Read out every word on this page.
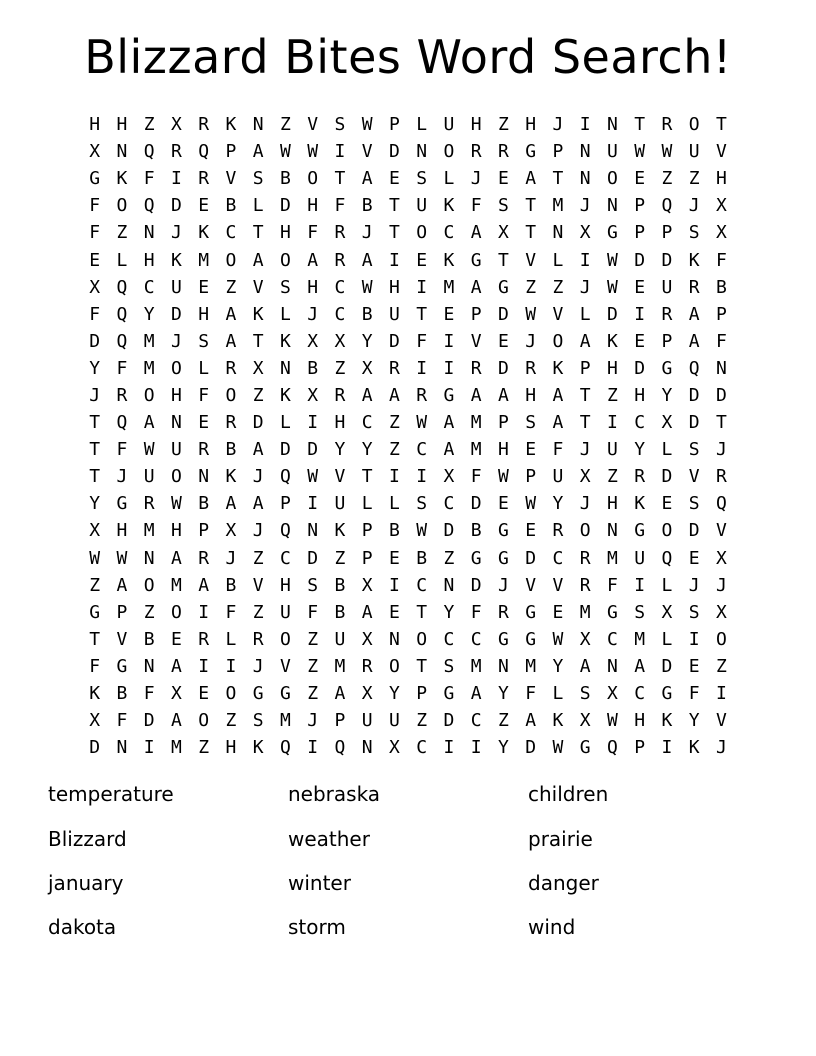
Blizzard Bites Word Search!
H H Z X R K N Z V S W P L U H Z H J I N T R O T
X N Q R Q P A W W I V D N O R R G P N U W W U V
G K F I R V S B O T A E S L J E A T N O E Z Z H
F O Q D E B L D H F B T U K F S T M J N P Q J X
F Z N J K C T H F R J T O C A X T N X G P P S X
E L H K M O A O A R A I E K G T V L I W D D K F
X Q C U E Z V S H C W H I M A G Z Z J W E U R B
F Q Y D H A K L J C B U T E P D W V L D I R A P
D Q M J S A T K X X Y D F I V E J O A K E P A F
Y F M O L R X N B Z X R I I R D R K P H D G Q N
J R O H F O Z K X R A A R G A A H A T Z H Y D D
T Q A N E R D L I H C Z W A M P S A T I C X D T
T F W U R B A D D Y Y Z C A M H E F J U Y L S J
T J U O N K J Q W V T I I X F W P U X Z R D V R
Y G R W B A A P I U L L S C D E W Y J H K E S Q
X H M H P X J Q N K P B W D B G E R O N G O D V
W W N A R J Z C D Z P E B Z G G D C R M U Q E X
Z A O M A B V H S B X I C N D J V V R F I L J J
G P Z O I F Z U F B A E T Y F R G E M G S X S X
T V B E R L R O Z U X N O C C G G W X C M L I O
F G N A I I J V Z M R O T S M N M Y A N A D E Z
K B F X E O G G Z A X Y P G A Y F L S X C G F I
X F D A O Z S M J P U U Z D C Z A K X W H K Y V
D N I M Z H K Q I Q N X C I I Y D W G Q P I K J
temperature
Blizzard
january
dakota
nebraska
weather
winter
storm
children
prairie
danger
wind
